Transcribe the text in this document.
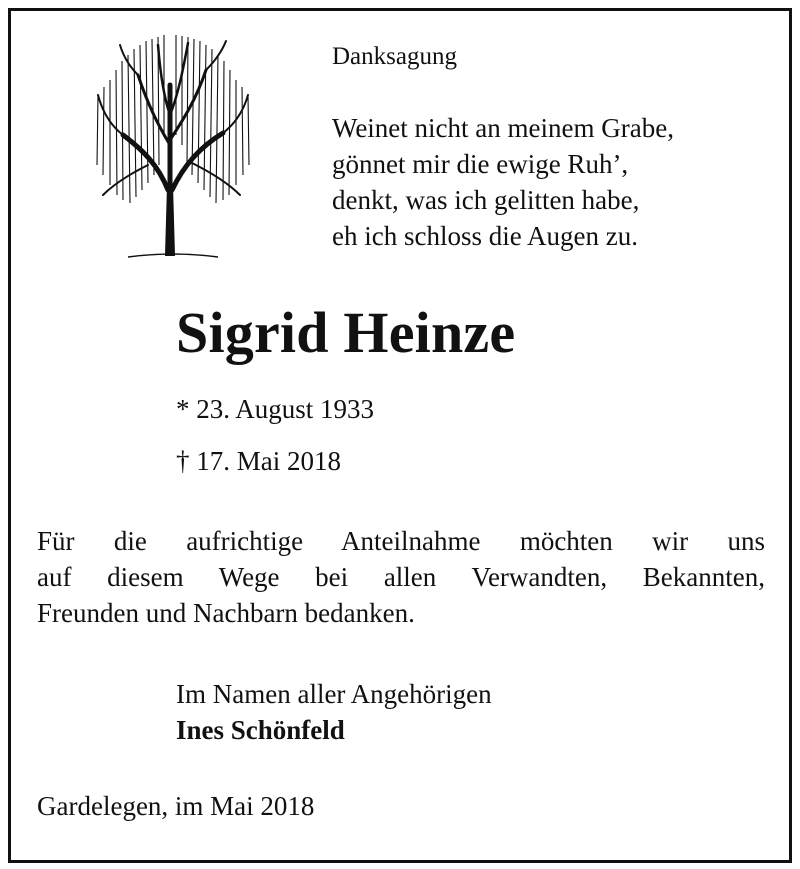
Danksagung
Weinet nicht an meinem Grabe,
gönnet mir die ewige Ruh’,
denkt, was ich gelitten habe,
eh ich schloss die Augen zu.
Sigrid Heinze
* 23. August 1933
† 17. Mai 2018
Für die aufrichtige Anteilnahme möchten wir uns
auf diesem Wege bei allen Verwandten, Bekannten,
Freunden und Nachbarn bedanken.
Im Namen aller Angehörigen
Ines Schönfeld
Gardelegen, im Mai 2018
